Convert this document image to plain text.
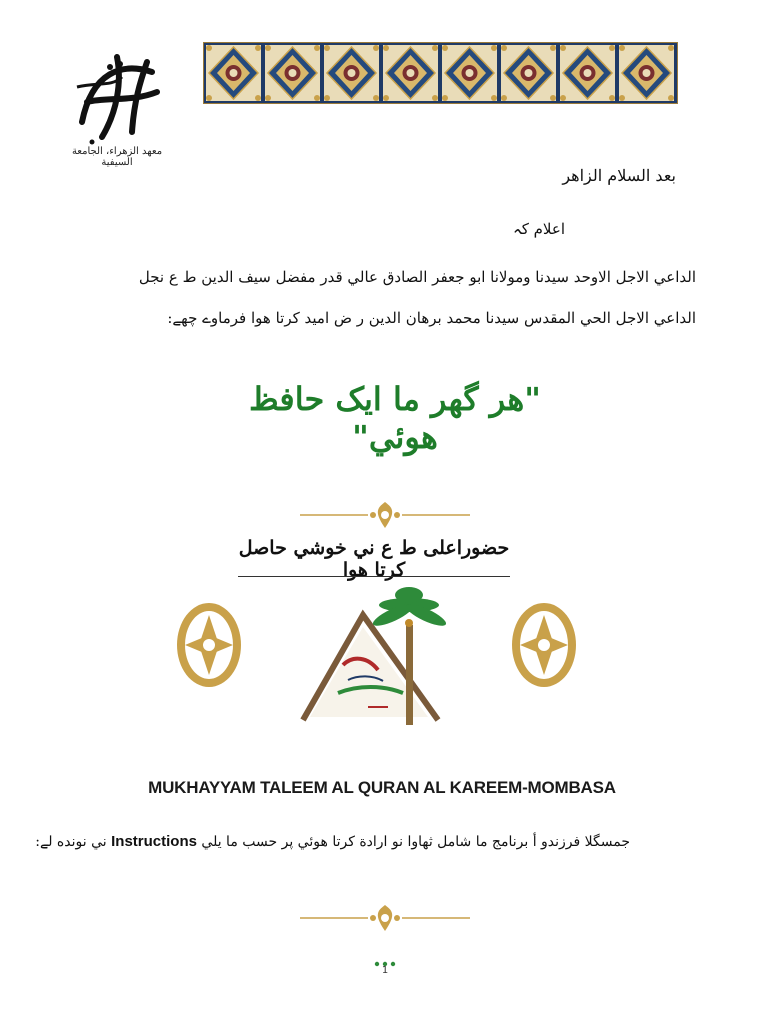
معهد الزهراء، الجامعة السيفية
بعد السلام الزاهر
اعلام کہ
الداعي الاجل الاوحد سيدنا ومولانا ابو جعفر الصادق عالي قدر مفضل سيف الدين ط ع نجل
الداعي الاجل الحي المقدس سيدنا محمد برهان الدين ر ض امید کرتا هوا فرماوے چھے:
"هر گهر ما ایک حافظ هوئي"
حضوراعلی ط ع ني خوشي حاصل کرتا هوا
MUKHAYYAM TALEEM AL QURAN AL KAREEM-MOMBASA
جمسگلا فرزندو أ برنامج ما شامل ثهاوا نو ارادة کرتا هوئي پر حسب ما يلي Instructions ني نونده لے:
1
